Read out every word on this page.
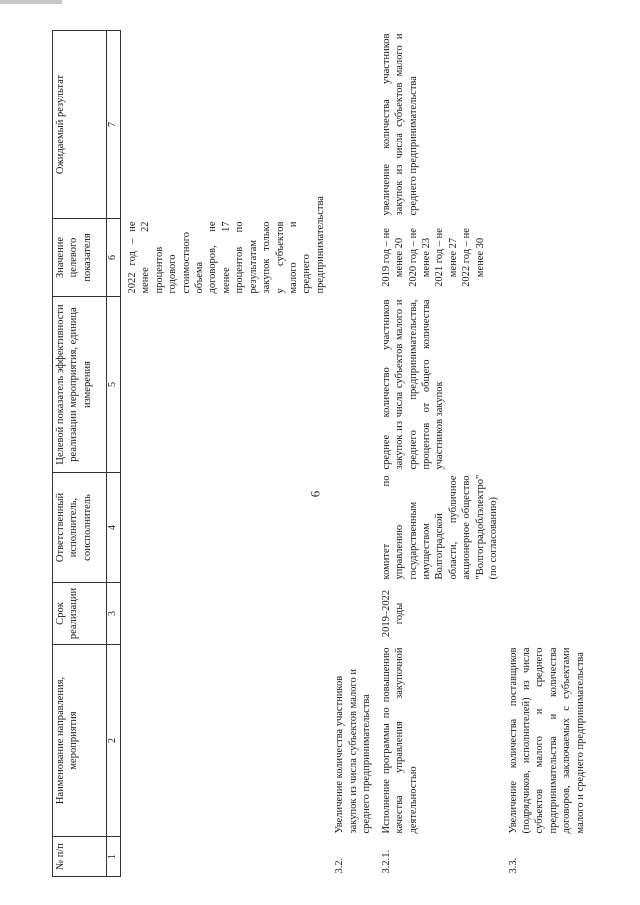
6
№ п/п	Наименование направления, мероприятия	Срок реализации	Ответственный исполнитель, соисполнитель	Целевой показатель эффективности реализации мероприятия, единица измерения	Значение целевого показателя	Ожидаемый результат
1	2	3	4	5	6	7
					2022 год – не менее 22 процентов годового стоимостного объема договоров, не менее 17 процентов по результатам закупок только у субъектов малого и среднего предпринимательства	
3.2.	Увеличение количества участников закупок из числа субъектов малого и среднего предпринимательства					
3.2.1.	Исполнение программы по повышению качества управления закупочной деятельностью	2019–2022 годы	комитет по управлению государственным имуществом Волгоградской области, публичное акционерное общество "Волгоградоблэлектро" (по согласованию)	среднее количество участников закупок из числа субъектов малого и среднего предпринимательства, процентов от общего количества участников закупок	2019 год – не менее 20 2020 год – не менее 23 2021 год – не менее 27 2022 год – не менее 30	увеличение количества участников закупок из числа субъектов малого и среднего предпринимательства
3.3.	Увеличение количества поставщиков (подрядчиков, исполнителей) из числа субъектов малого и среднего предпринимательства и количества договоров, заключаемых с субъектами малого и среднего предпринимательства					
